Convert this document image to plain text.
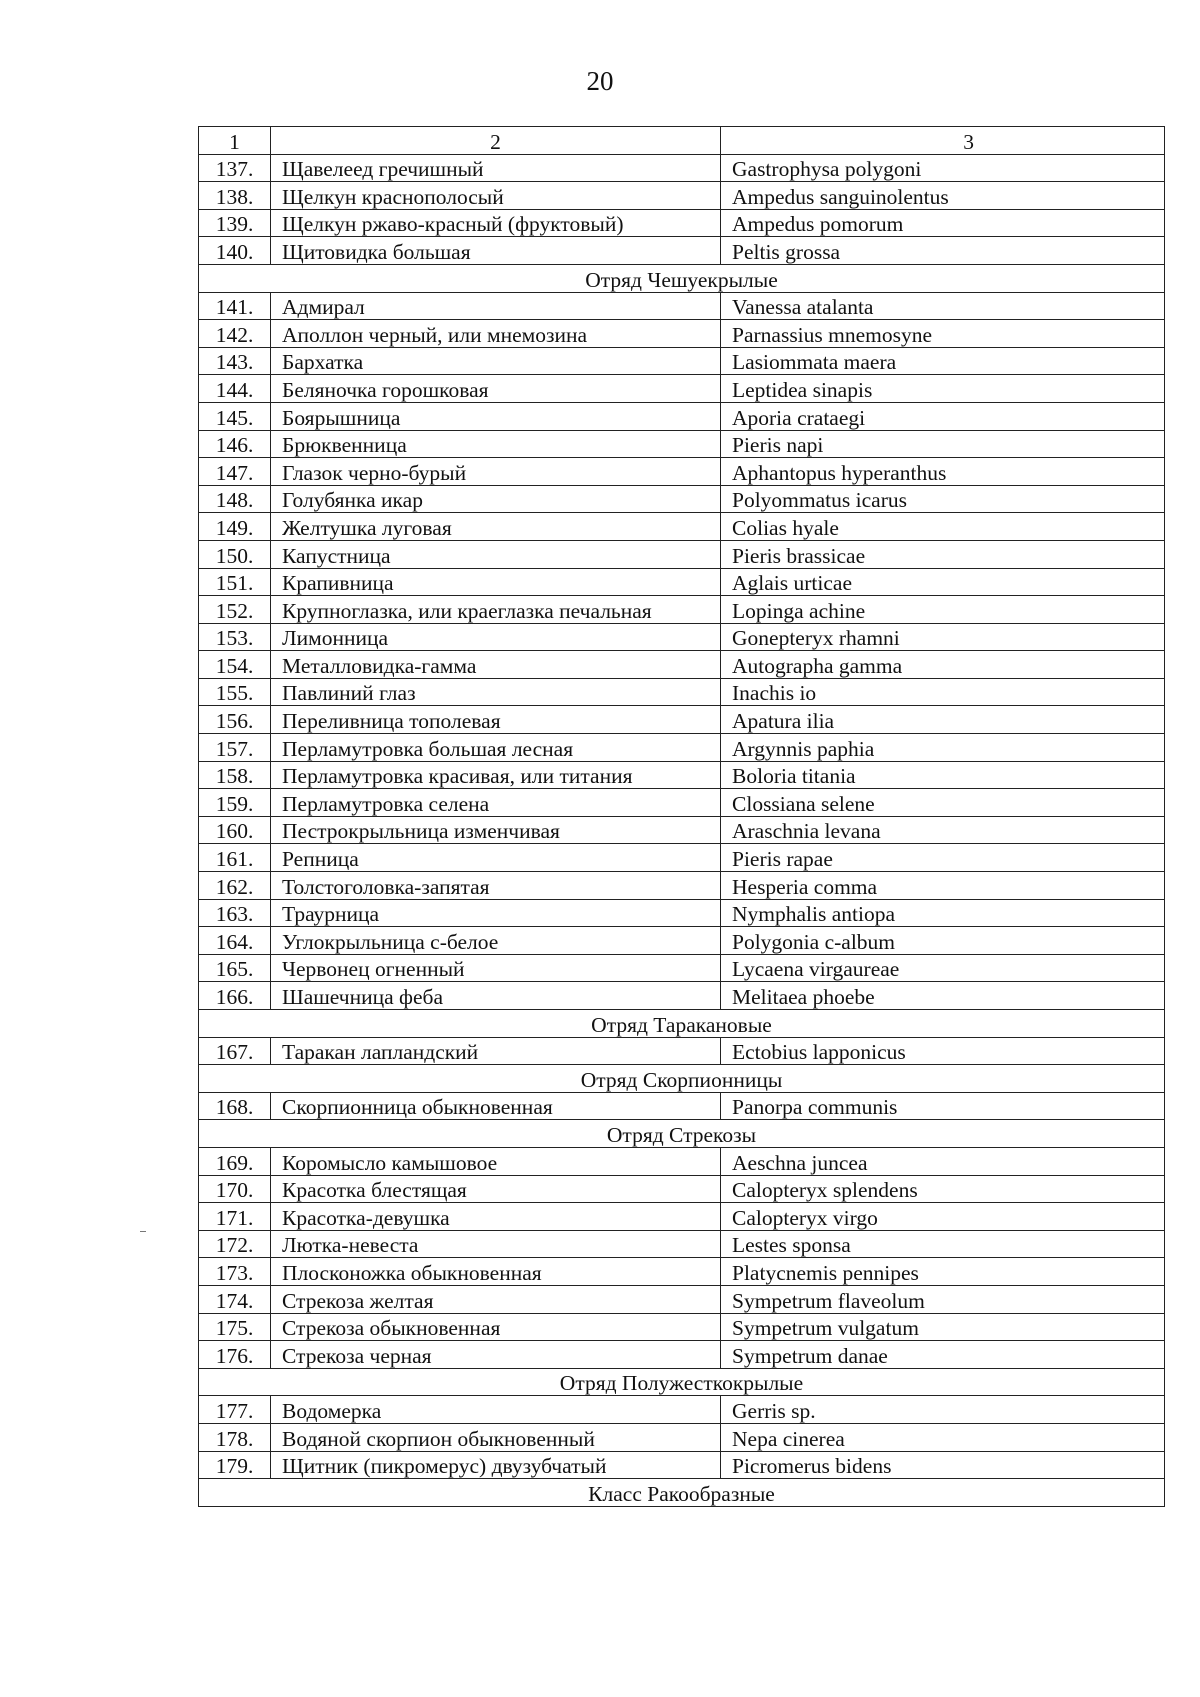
20
1	2	3
137.	Щавелеед гречишный	Gastrophysa polygoni
138.	Щелкун краснополосый	Ampedus sanguinolentus
139.	Щелкун ржаво-красный (фруктовый)	Ampedus pomorum
140.	Щитовидка большая	Peltis grossa
Отряд Чешуекрылые		
141.	Адмирал	Vanessa atalanta
142.	Аполлон черный, или мнемозина	Parnassius mnemosyne
143.	Бархатка	Lasiommata maera
144.	Беляночка горошковая	Leptidea sinapis
145.	Боярышница	Aporia crataegi
146.	Брюквенница	Pieris napi
147.	Глазок черно-бурый	Aphantopus hyperanthus
148.	Голубянка икар	Polyommatus icarus
149.	Желтушка луговая	Colias hyale
150.	Капустница	Pieris brassicae
151.	Крапивница	Aglais urticae
152.	Крупноглазка, или краеглазка печальная	Lopinga achine
153.	Лимонница	Gonepteryx rhamni
154.	Металловидка-гамма	Autographa gamma
155.	Павлиний глаз	Inachis io
156.	Переливница тополевая	Apatura ilia
157.	Перламутровка большая лесная	Argynnis paphia
158.	Перламутровка красивая, или титания	Boloria titania
159.	Перламутровка селена	Clossiana selene
160.	Пестрокрыльница изменчивая	Araschnia levana
161.	Репница	Pieris rapae
162.	Толстоголовка-запятая	Hesperia comma
163.	Траурница	Nymphalis antiopa
164.	Углокрыльница с-белое	Polygonia c-album
165.	Червонец огненный	Lycaena virgaureae
166.	Шашечница феба	Melitaea phoebe
Отряд Таракановые		
167.	Таракан лапландский	Ectobius lapponicus
Отряд Скорпионницы		
168.	Скорпионница обыкновенная	Panorpa communis
Отряд Стрекозы		
169.	Коромысло камышовое	Aeschna juncea
170.	Красотка блестящая	Calopteryx splendens
171.	Красотка-девушка	Calopteryx virgo
172.	Лютка-невеста	Lestes sponsa
173.	Плосконожка обыкновенная	Platycnemis pennipes
174.	Стрекоза желтая	Sympetrum flaveolum
175.	Стрекоза обыкновенная	Sympetrum vulgatum
176.	Стрекоза черная	Sympetrum danae
Отряд Полужесткокрылые		
177.	Водомерка	Gerris sp.
178.	Водяной скорпион обыкновенный	Nepa cinerea
179.	Щитник (пикромерус) двузубчатый	Picromerus bidens
Класс Ракообразные		
